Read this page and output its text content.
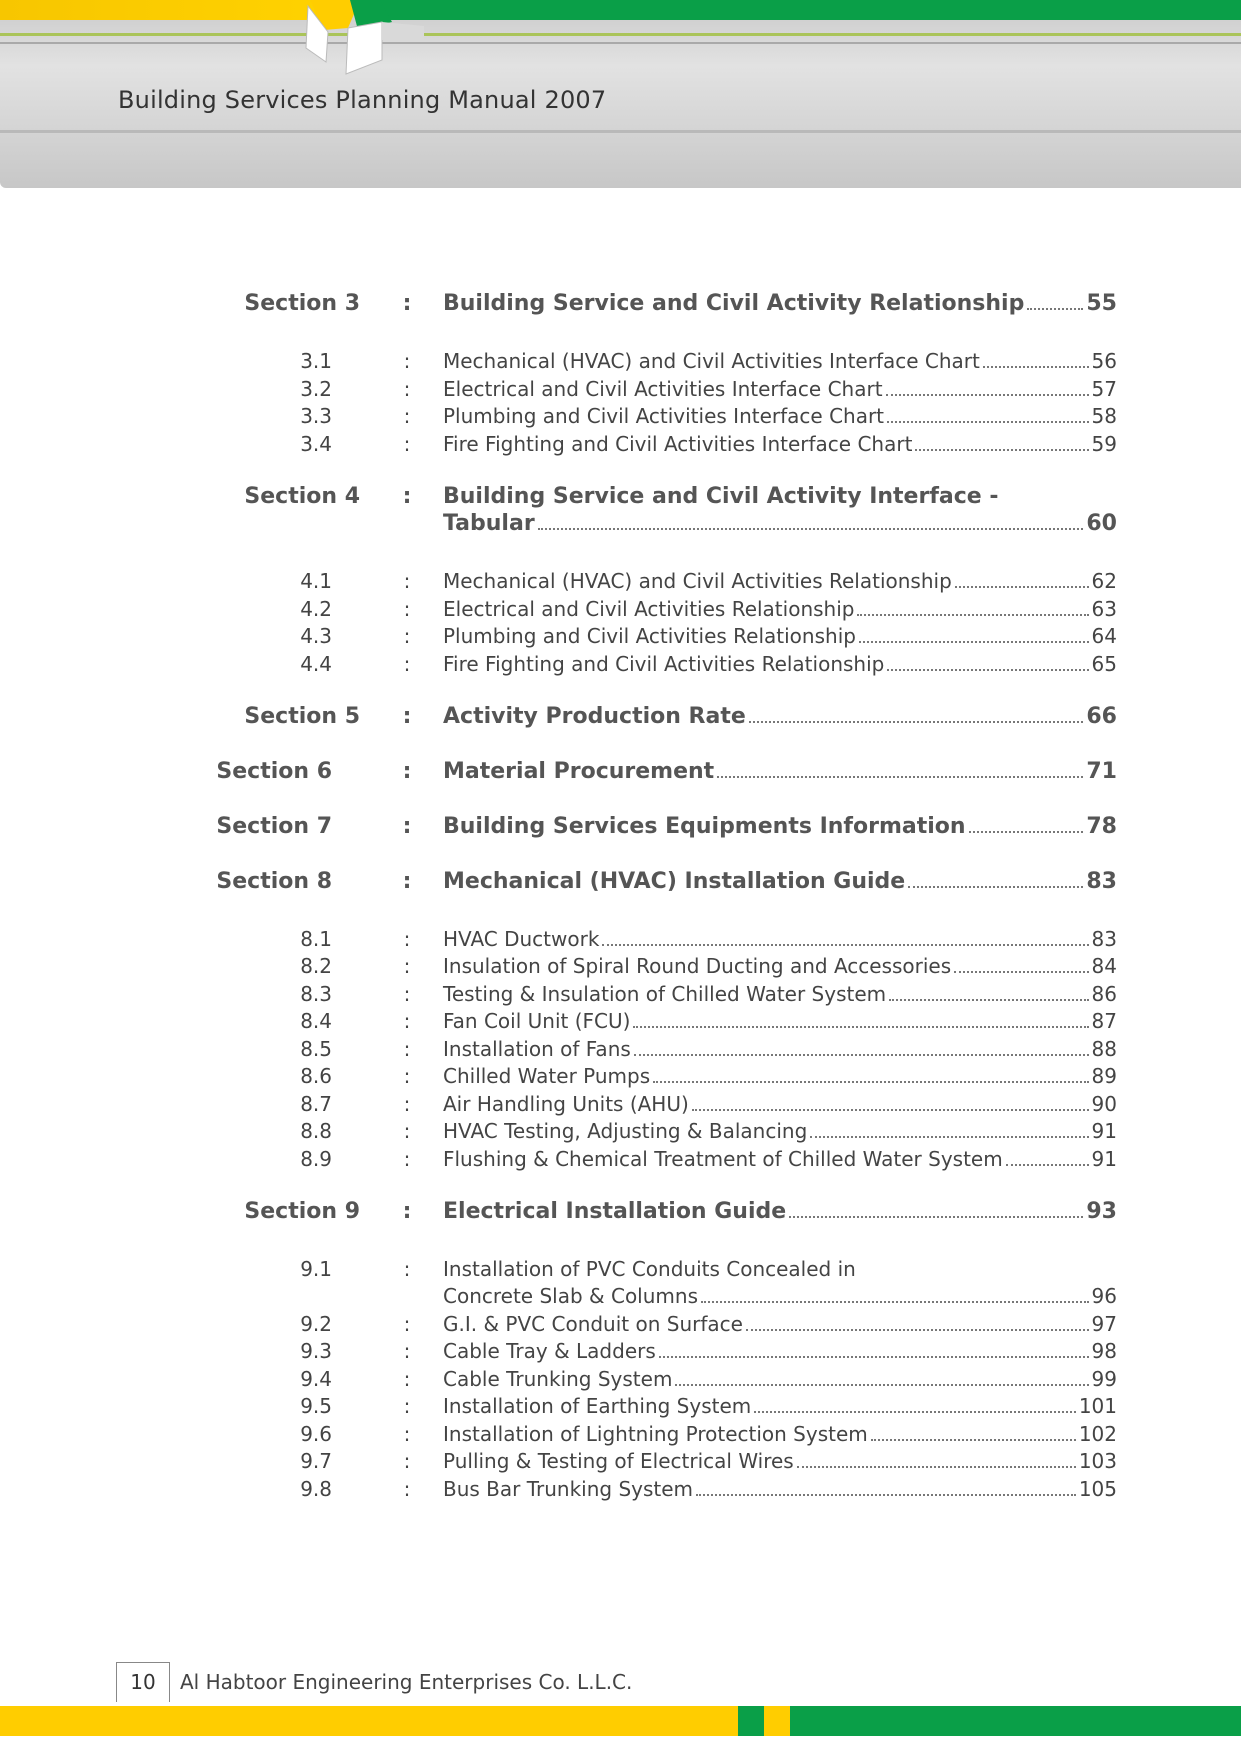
Building Services Planning Manual 2007
Section 3 : Building Service and Civil Activity Relationship	55
3.1	: Mechanical (HVAC) and Civil Activities Interface Chart	56
3.2	: Electrical and Civil Activities Interface Chart	57
3.3	: Plumbing and Civil Activities Interface Chart	58
3.4	: Fire Fighting and Civil Activities Interface Chart	59
Section 4 : Building Service and Civil Activity Interface -
Tabular	60
4.1	: Mechanical (HVAC) and Civil Activities Relationship	62
4.2	: Electrical and Civil Activities Relationship	63
4.3	: Plumbing and Civil Activities Relationship	64
4.4	: Fire Fighting and Civil Activities Relationship	65
Section 5 : Activity Production Rate	66
Section 6	: Material Procurement	71
Section 7	: Building Services Equipments Information	78
Section 8	: Mechanical (HVAC) Installation Guide	83
8.1	: HVAC Ductwork	83
8.2	: Insulation of Spiral Round Ducting and Accessories	84
8.3	: Testing & Insulation of Chilled Water System	86
8.4	: Fan Coil Unit (FCU)	87
8.5	: Installation of Fans	88
8.6	: Chilled Water Pumps	89
8.7	: Air Handling Units (AHU)	90
8.8	: HVAC Testing, Adjusting & Balancing	91
8.9	: Flushing & Chemical Treatment of Chilled Water System	91
Section 9 : Electrical Installation Guide	93
9.1	: Installation of PVC Conduits Concealed in
Concrete Slab & Columns	96
9.2	: G.I. & PVC Conduit on Surface	97
9.3	: Cable Tray & Ladders	98
9.4	: Cable Trunking System	99
9.5	: Installation of Earthing System	101
9.6	: Installation of Lightning Protection System	102
9.7	: Pulling & Testing of Electrical Wires	103
9.8	: Bus Bar Trunking System	105
10	Al Habtoor Engineering Enterprises Co. L.L.C.
